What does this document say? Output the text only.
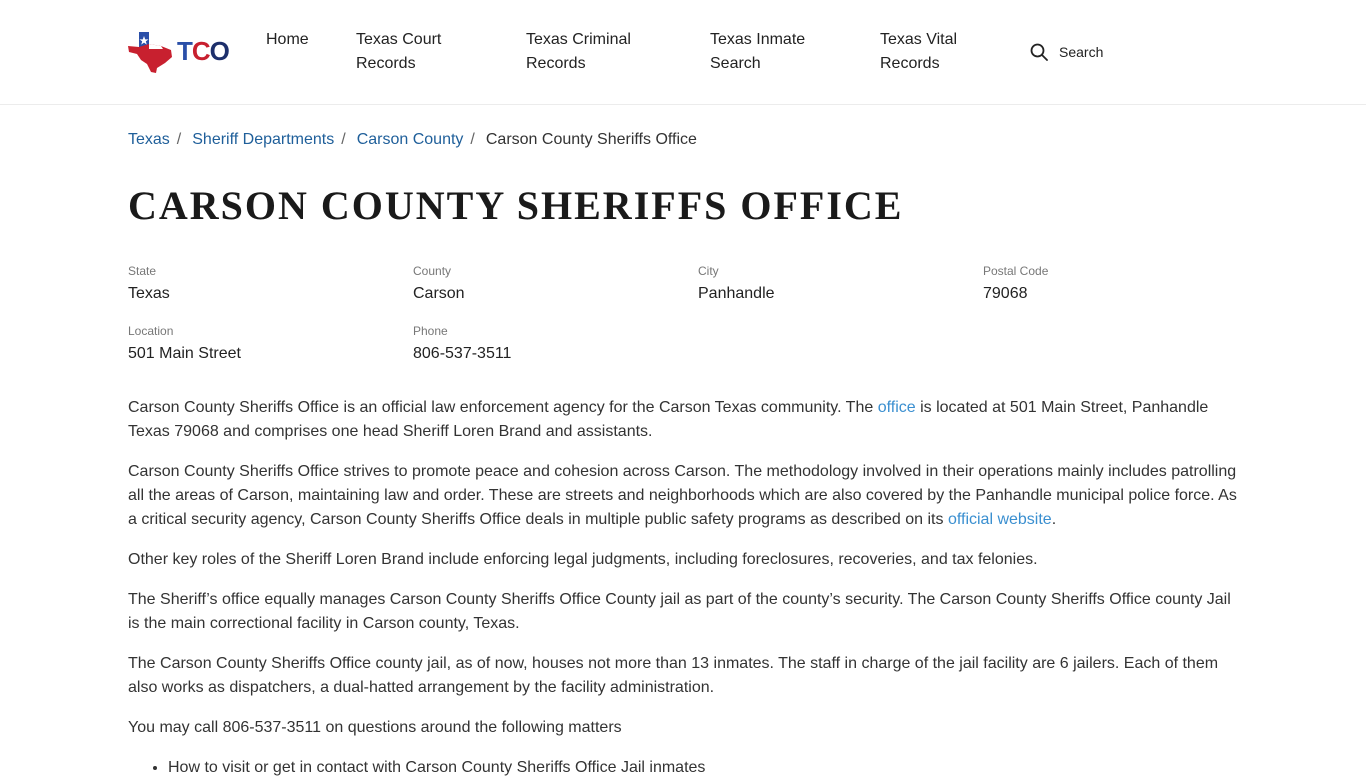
TCO Home	Texas Court Records
Texas Criminal Records
Texas Inmate Search
Texas Vital Records
Search
Texas / Sheriff Departments / Carson County / Carson County Sheriffs Office
CARSON COUNTY SHERIFFS OFFICE
State
Texas
County
Carson
City
Panhandle
Postal Code
79068
Location
501 Main Street
Phone
806-537-3511

Carson County Sheriffs Office is an official law enforcement agency for the Carson Texas community. The office is located at 501 Main Street, Panhandle Texas 79068 and comprises one head Sheriff Loren Brand and assistants.

Carson County Sheriffs Office strives to promote peace and cohesion across Carson. The methodology involved in their operations mainly includes patrolling all the areas of Carson, maintaining law and order. These are streets and neighborhoods which are also covered by the Panhandle municipal police force. As a critical security agency, Carson County Sheriffs Office deals in multiple public safety programs as described on its official website.

Other key roles of the Sheriff Loren Brand include enforcing legal judgments, including foreclosures, recoveries, and tax felonies.

The Sheriff’s office equally manages Carson County Sheriffs Office County jail as part of the county’s security. The Carson County Sheriffs Office county Jail is the main correctional facility in Carson county, Texas.

The Carson County Sheriffs Office county jail, as of now, houses not more than 13 inmates. The staff in charge of the jail facility are 6 jailers. Each of them also works as dispatchers, a dual-hatted arrangement by the facility administration.

You may call 806-537-3511 on questions around the following matters

• How to visit or get in contact with Carson County Sheriffs Office Jail inmates
